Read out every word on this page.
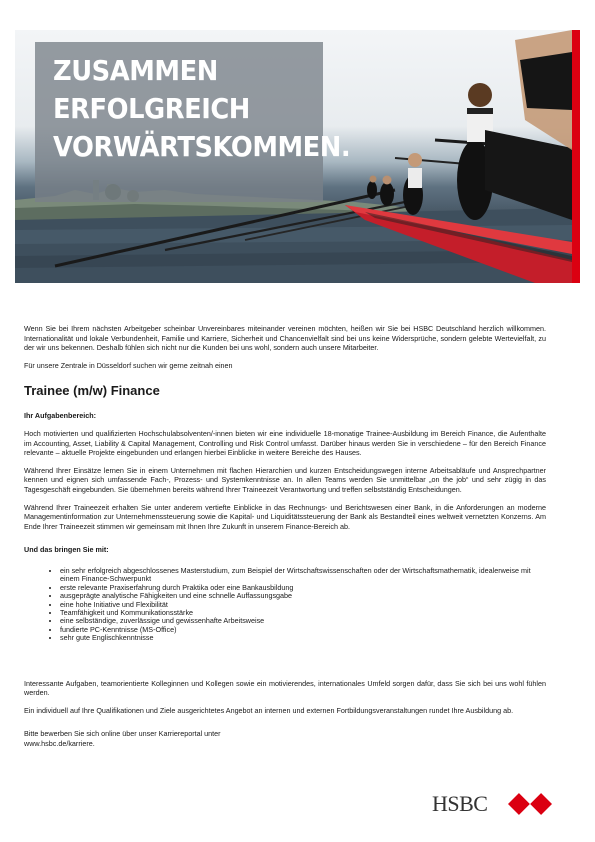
ZUSAMMEN
ERFOLGREICH
VORWÄRTSKOMMEN.

Wenn Sie bei Ihrem nächsten Arbeitgeber scheinbar Unvereinbares miteinander vereinen möchten, heißen wir Sie bei HSBC Deutschland herzlich willkommen. Internationalität und lokale Verbundenheit, Familie und Karriere, Sicherheit und Chancenvielfalt sind bei uns keine Widersprüche, sondern gelebte Wertevielfalt, zu der wir uns bekennen. Deshalb fühlen sich nicht nur die Kunden bei uns wohl, sondern auch unsere Mitarbeiter.

Für unsere Zentrale in Düsseldorf suchen wir gerne zeitnah einen

Trainee (m/w) Finance

Ihr Aufgabenbereich:

Hoch motivierten und qualifizierten Hochschulabsolventen/-innen bieten wir eine individuelle 18-monatige Trainee-Ausbildung im Bereich Finance, die Aufenthalte im Accounting, Asset, Liability & Capital Management, Controlling und Risk Control umfasst. Darüber hinaus werden Sie in verschiedene – für den Bereich Finance relevante – aktuelle Projekte eingebunden und erlangen hierbei Einblicke in weitere Bereiche des Hauses.

Während Ihrer Einsätze lernen Sie in einem Unternehmen mit flachen Hierarchien und kurzen Entscheidungswegen interne Arbeitsabläufe und Ansprechpartner kennen und eignen sich umfassende Fach-, Prozess- und Systemkenntnisse an. In allen Teams werden Sie unmittelbar „on the job“ und sehr zügig in das Tagesgeschäft eingebunden. Sie übernehmen bereits während Ihrer Traineezeit Verantwortung und treffen selbstständig Entscheidungen.

Während Ihrer Traineezeit erhalten Sie unter anderem vertiefte Einblicke in das Rechnungs- und Berichtswesen einer Bank, in die Anforderungen an moderne Managementinformation zur Unternehmenssteuerung sowie die Kapital- und Liquiditätssteuerung der Bank als Bestandteil eines weltweit vernetzten Konzerns. Am Ende Ihrer Traineezeit stimmen wir gemeinsam mit Ihnen Ihre Zukunft in unserem Finance-Bereich ab.

Und das bringen Sie mit:

• ein sehr erfolgreich abgeschlossenes Masterstudium, zum Beispiel der Wirtschaftswissenschaften oder der Wirtschaftsmathematik, idealerweise mit einem Finance-Schwerpunkt
• erste relevante Praxiserfahrung durch Praktika oder eine Bankausbildung
• ausgeprägte analytische Fähigkeiten und eine schnelle Auffassungsgabe
• eine hohe Initiative und Flexibilität
• Teamfähigkeit und Kommunikationsstärke
• eine selbständige, zuverlässige und gewissenhafte Arbeitsweise
• fundierte PC-Kenntnisse (MS-Office)
• sehr gute Englischkenntnisse

Interessante Aufgaben, teamorientierte Kolleginnen und Kollegen sowie ein motivierendes, internationales Umfeld sorgen dafür, dass Sie sich bei uns wohl fühlen werden.

Ein individuell auf Ihre Qualifikationen und Ziele ausgerichtetes Angebot an internen und externen Fortbildungsveranstaltungen rundet Ihre Ausbildung ab.

Bitte bewerben Sie sich online über unser Karriereportal unter
www.hsbc.de/karriere.

HSBC
